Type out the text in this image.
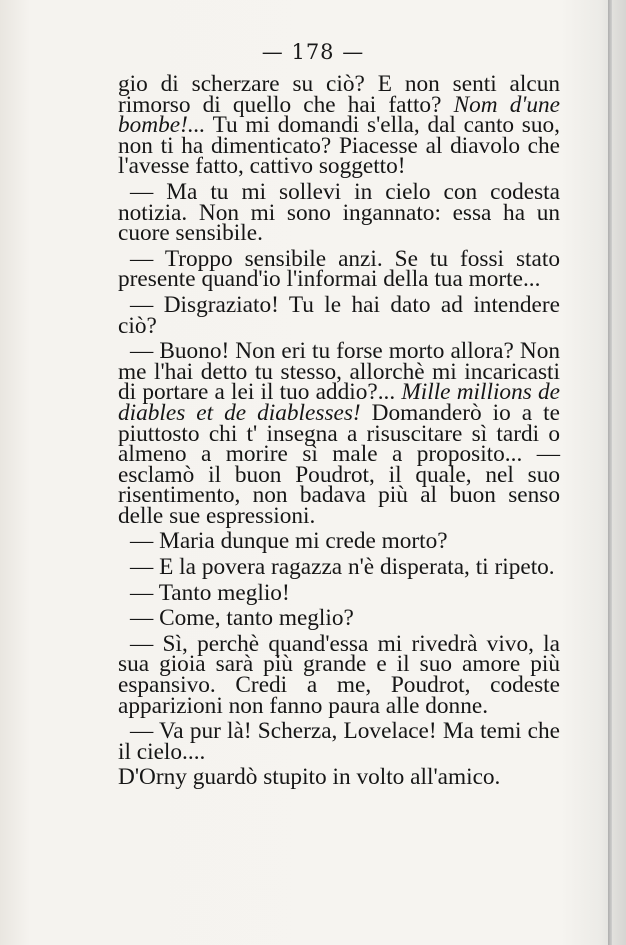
— 178 —

gio di scherzare su ciò? E non senti alcun rimorso di quello che hai fatto? Nom d'une bombe!... Tu mi domandi s'ella, dal canto suo, non ti ha dimenticato? Piacesse al diavolo che l'avesse fatto, cattivo soggetto!

— Ma tu mi sollevi in cielo con codesta notizia. Non mi sono ingannato: essa ha un cuore sensibile.

— Troppo sensibile anzi. Se tu fossi stato presente quand'io l'informai della tua morte...

— Disgraziato! Tu le hai dato ad intendere ciò?

— Buono! Non eri tu forse morto allora? Non me l'hai detto tu stesso, allorchè mi incaricasti di portare a lei il tuo addio?... Mille millions de diables et de diablesses! Domanderò io a te piuttosto chi t' insegna a risuscitare sì tardi o almeno a morire sì male a proposito... —esclamò il buon Poudrot, il quale, nel suo risentimento, non badava più al buon senso delle sue espressioni.

— Maria dunque mi crede morto?

— E la povera ragazza n'è disperata, ti ripeto.

— Tanto meglio!

— Come, tanto meglio?

— Sì, perchè quand'essa mi rivedrà vivo, la sua gioia sarà più grande e il suo amore più espansivo. Credi a me, Poudrot, codeste apparizioni non fanno paura alle donne.

— Va pur là! Scherza, Lovelace! Ma temi che il cielo....

D'Orny guardò stupito in volto all'amico.
